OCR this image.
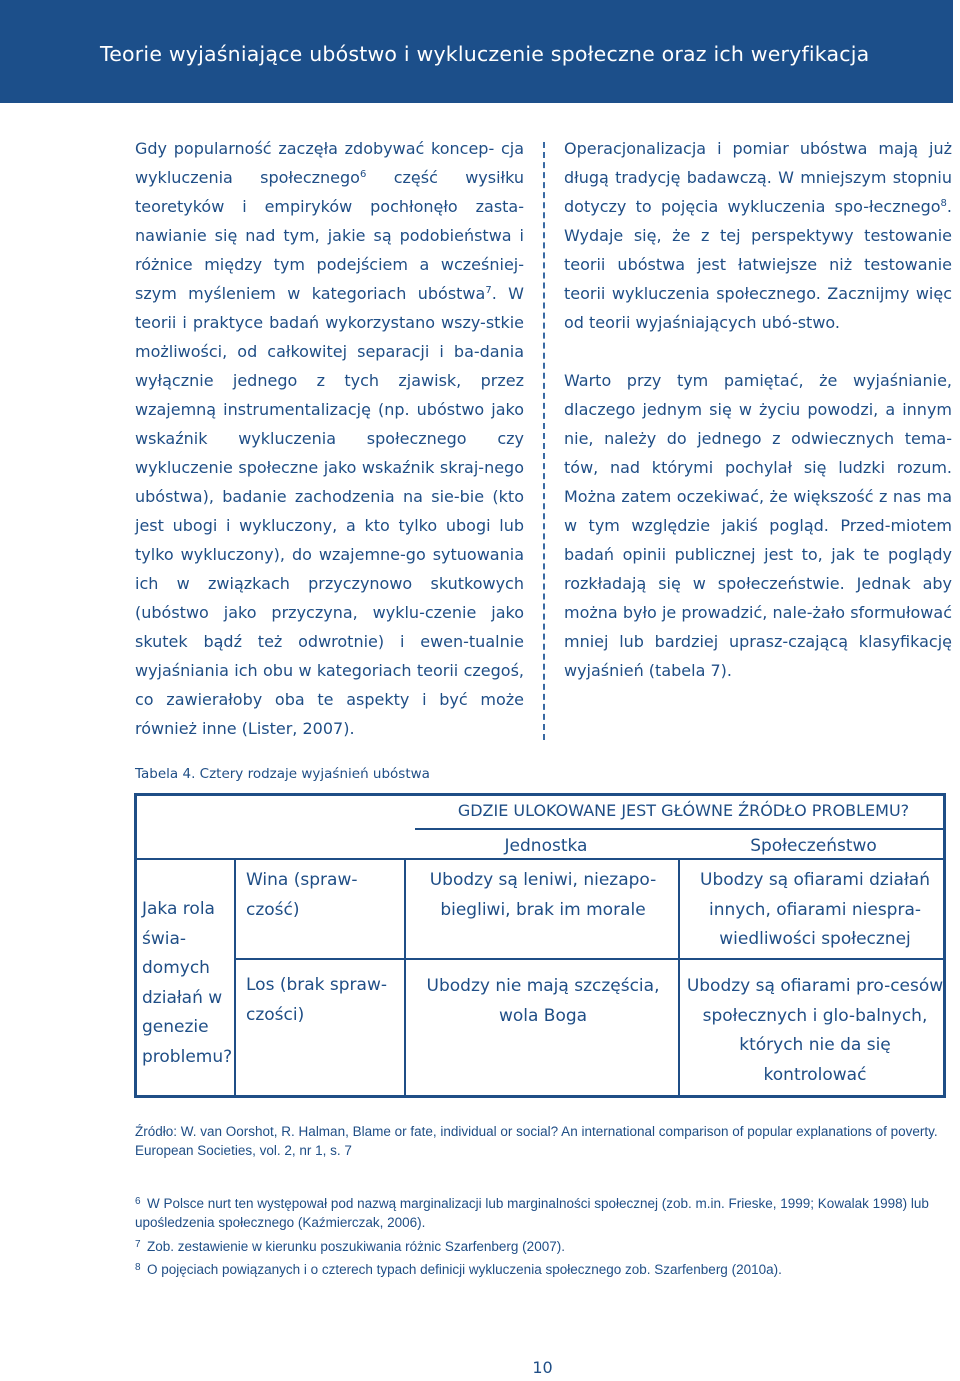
Teorie wyjaśniające ubóstwo i wykluczenie społeczne oraz ich weryfikacja

Gdy popularność zaczęła zdobywać koncep- cja wykluczenia społecznego$^6$ część wysiłku teoretyków i empiryków pochłonęło zasta-nawianie się nad tym, jakie są podobieństwa i różnice między tym podejściem a wcześniej-szym myśleniem w kategoriach ubóstwa$^7$. W teorii i praktyce badań wykorzystano wszy-stkie możliwości, od całkowitej separacji i ba-dania wyłącznie jednego z tych zjawisk, przez wzajemną instrumentalizację (np. ubóstwo jako wskaźnik wykluczenia społecznego czy wykluczenie społeczne jako wskaźnik skraj-nego ubóstwa), badanie zachodzenia na sie-bie (kto jest ubogi i wykluczony, a kto tylko ubogi lub tylko wykluczony), do wzajemne-go sytuowania ich w związkach przyczynowo skutkowych (ubóstwo jako przyczyna, wyklu-czenie jako skutek bądź też odwrotnie) i ewen-tualnie wyjaśniania ich obu w kategoriach teorii czegoś, co zawierałoby oba te aspekty i być może również inne (Lister, 2007).

Operacjonalizacja i pomiar ubóstwa mają już długą tradycję badawczą. W mniejszym stopniu dotyczy to pojęcia wykluczenia spo-łecznego$^8$. Wydaje się, że z tej perspektywy testowanie teorii ubóstwa jest łatwiejsze niż testowanie teorii wykluczenia społecznego. Zacznijmy więc od teorii wyjaśniających ubó-stwo.

Warto przy tym pamiętać, że wyjaśnianie, dlaczego jednym się w życiu powodzi, a innym nie, należy do jednego z odwiecznych tema-tów, nad którymi pochylał się ludzki rozum. Można zatem oczekiwać, że większość z nas ma w tym względzie jakiś pogląd. Przed-miotem badań opinii publicznej jest to, jak te poglądy rozkładają się w społeczeństwie. Jednak aby można było je prowadzić, nale-żało sformułować mniej lub bardziej uprasz-czającą klasyfikację wyjaśnień (tabela 7).

Tabela 4. Cztery rodzaje wyjaśnień ubóstwa
GDZIE ULOKOWANE JEST GŁÓWNE ŹRÓDŁO PROBLEMU?
Jednostka	Społeczeństwo
Jaka rola świa-domych działań w genezie problemu?
Wina (spraw-czość)
Los (brak spraw-czości)
Ubodzy są leniwi, niezapo-biegliwi, brak im morale
Ubodzy są ofiarami działań innych, ofiarami niespra-wiedliwości społecznej
Ubodzy nie mają szczęścia, wola Boga
Ubodzy są ofiarami pro-cesów społecznych i glo-balnych, których nie da się kontrolować
Źródło: W. van Oorshot, R. Halman, Blame or fate, individual or social? An international comparison of popular explanations of poverty. European Societies, vol. 2, nr 1, s. 7
6 W Polsce nurt ten występował pod nazwą marginalizacji lub marginalności społecznej (zob. m.in. Frieske, 1999; Kowalak 1998) lub upośledzenia społecznego (Kaźmierczak, 2006).
7 Zob. zestawienie w kierunku poszukiwania różnic Szarfenberg (2007).
8 O pojęciach powiązanych i o czterech typach definicji wykluczenia społecznego zob. Szarfenberg (2010a).
10
